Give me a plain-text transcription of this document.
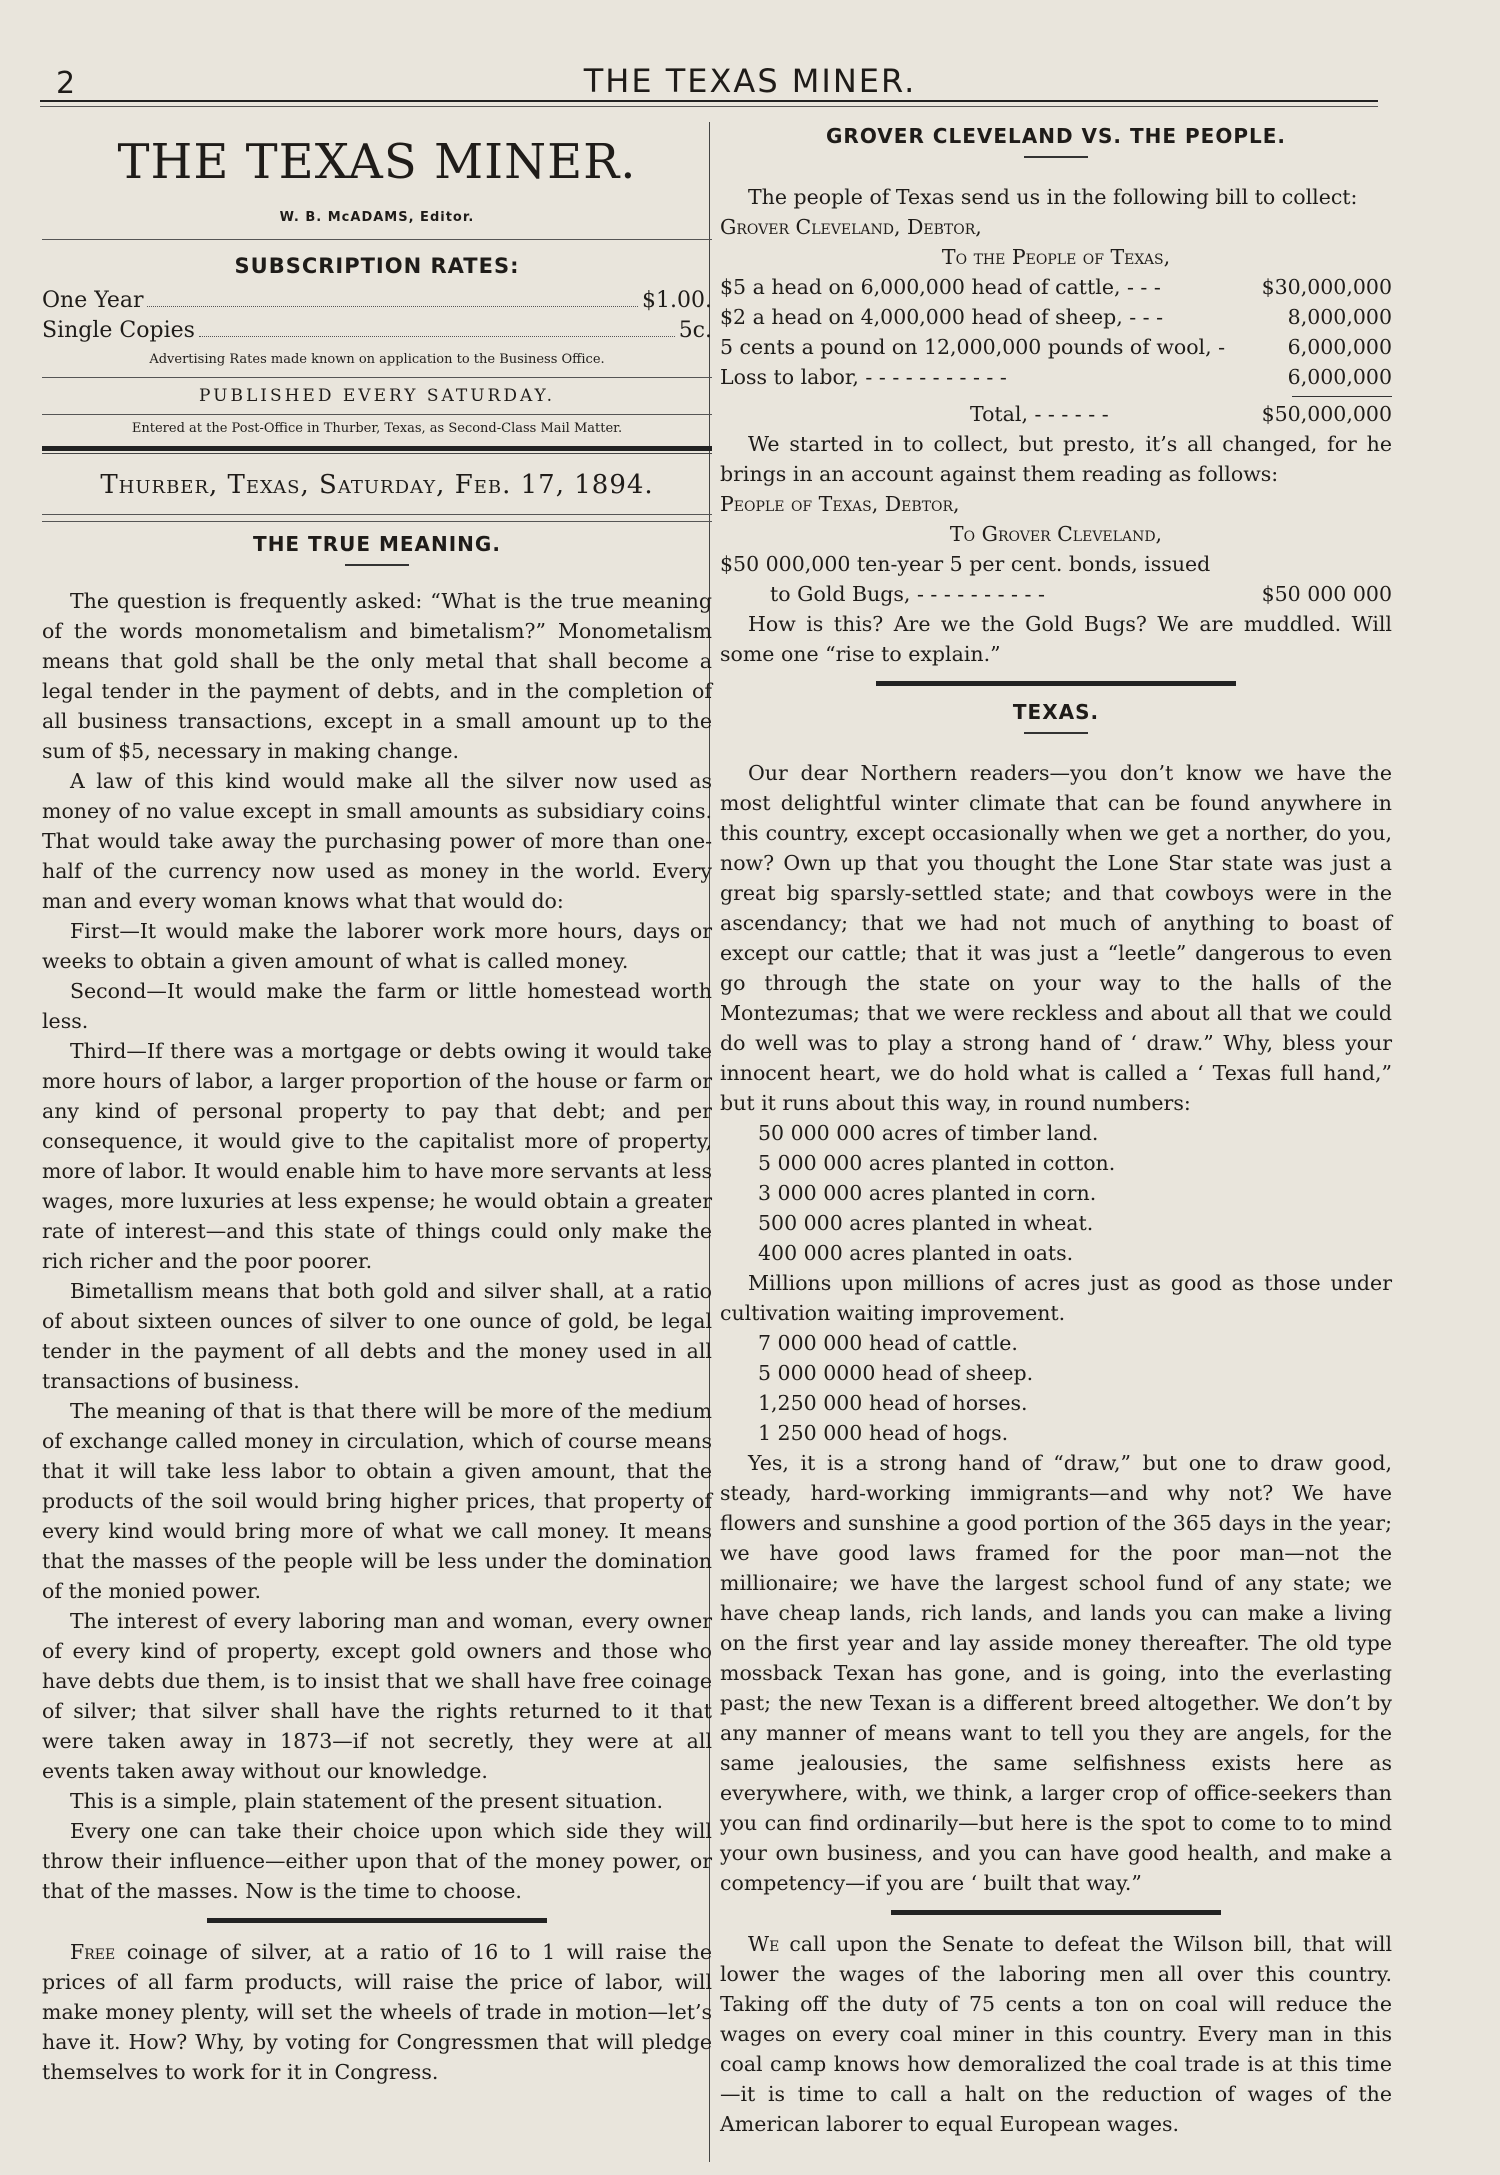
2	THE TEXAS MINER.
THE TEXAS MINER.
W. B. McADAMS, Editor.
SUBSCRIPTION RATES:
One Year	$1.00.
Single Copies	5c.
Advertising Rates made known on application to the Business Office.
PUBLISHED EVERY SATURDAY.
Entered at the Post-Office in Thurber, Texas, as Second-Class Mail Matter.
Thurber, Texas, Saturday, Feb. 17, 1894.
THE TRUE MEANING.

The question is frequently asked: “What is the true meaning of the words monometalism and bimetalism?” Monometalism means that gold shall be the only metal that shall become a legal tender in the payment of debts, and in the completion of all business transactions, except in a small amount up to the sum of $5, necessary in making change.

A law of this kind would make all the silver now used as money of no value except in small amounts as subsidiary coins. That would take away the purchasing power of more than one-half of the currency now used as money in the world. Every man and every woman knows what that would do:

First—It would make the laborer work more hours, days or weeks to obtain a given amount of what is called money.

Second—It would make the farm or little homestead worth less.

Third—If there was a mortgage or debts owing it would take more hours of labor, a larger proportion of the house or farm or any kind of personal property to pay that debt; and per consequence, it would give to the capitalist more of property, more of labor. It would enable him to have more servants at less wages, more luxuries at less expense; he would obtain a greater rate of interest—and this state of things could only make the rich richer and the poor poorer.

Bimetallism means that both gold and silver shall, at a ratio of about sixteen ounces of silver to one ounce of gold, be legal tender in the payment of all debts and the money used in all transactions of business.

The meaning of that is that there will be more of the medium of exchange called money in circulation, which of course means that it will take less labor to obtain a given amount, that the products of the soil would bring higher prices, that property of every kind would bring more of what we call money. It means that the masses of the people will be less under the domination of the monied power.

The interest of every laboring man and woman, every owner of every kind of property, except gold owners and those who have debts due them, is to insist that we shall have free coinage of silver; that silver shall have the rights returned to it that were taken away in 1873—if not secretly, they were at all events taken away without our knowledge.

This is a simple, plain statement of the present situation.

Every one can take their choice upon which side they will throw their influence—either upon that of the money power, or that of the masses. Now is the time to choose.

Free coinage of silver, at a ratio of 16 to 1 will raise the prices of all farm products, will raise the price of labor, will make money plenty, will set the wheels of trade in motion—let’s have it. How? Why, by voting for Congressmen that will pledge themselves to work for it in Congress.

GROVER CLEVELAND VS. THE PEOPLE.

The people of Texas send us in the following bill to collect:

Grover Cleveland, Debtor,
To the People of Texas,
$5 a head on 6,000,000 head of cattle, - - -	$30,000,000
$2 a head on 4,000,000 head of sheep, - - -	8,000,000
5 cents a pound on 12,000,000 pounds of wool, -	6,000,000
Loss to labor, - - - - - - - - - - -	6,000,000
Total, - - - - - -	$50,000,000

We started in to collect, but presto, it’s all changed, for he brings in an account against them reading as follows:

People of Texas, Debtor,
To Grover Cleveland,
$50 000,000 ten-year 5 per cent. bonds, issued
to Gold Bugs, - - - - - - - - - -	$50 000 000

How is this? Are we the Gold Bugs? We are muddled. Will some one “rise to explain.”

TEXAS.

Our dear Northern readers—you don’t know we have the most delightful winter climate that can be found anywhere in this country, except occasionally when we get a norther, do you, now? Own up that you thought the Lone Star state was just a great big sparsly-settled state; and that cowboys were in the ascendancy; that we had not much of anything to boast of except our cattle; that it was just a “leetle” dangerous to even go through the state on your way to the halls of the Montezumas; that we were reckless and about all that we could do well was to play a strong hand of ‘ draw.” Why, bless your innocent heart, we do hold what is called a ‘ Texas full hand,” but it runs about this way, in round numbers:

50 000 000 acres of timber land.
5 000 000 acres planted in cotton.
3 000 000 acres planted in corn.
500 000 acres planted in wheat.
400 000 acres planted in oats.

Millions upon millions of acres just as good as those under cultivation waiting improvement.

7 000 000 head of cattle.
5 000 0000 head of sheep.
1,250 000 head of horses.
1 250 000 head of hogs.

Yes, it is a strong hand of “draw,” but one to draw good, steady, hard-working immigrants—and why not? We have flowers and sunshine a good portion of the 365 days in the year; we have good laws framed for the poor man—not the millionaire; we have the largest school fund of any state; we have cheap lands, rich lands, and lands you can make a living on the first year and lay asside money thereafter. The old type mossback Texan has gone, and is going, into the everlasting past; the new Texan is a different breed altogether. We don’t by any manner of means want to tell you they are angels, for the same jealousies, the same selfishness exists here as everywhere, with, we think, a larger crop of office-seekers than you can find ordinarily—but here is the spot to come to to mind your own business, and you can have good health, and make a competency—if you are ‘ built that way.”

We call upon the Senate to defeat the Wilson bill, that will lower the wages of the laboring men all over this country. Taking off the duty of 75 cents a ton on coal will reduce the wages on every coal miner in this country. Every man in this coal camp knows how demoralized the coal trade is at this time—it is time to call a halt on the reduction of wages of the American laborer to equal European wages.
